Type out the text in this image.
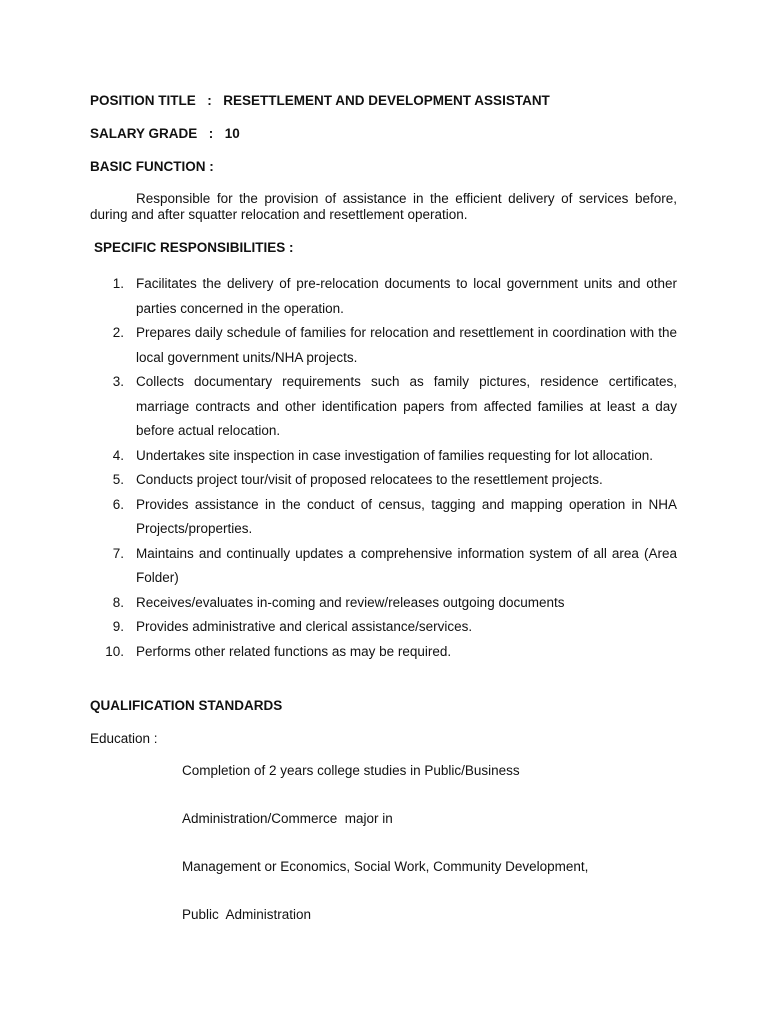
POSITION TITLE : RESETTLEMENT AND DEVELOPMENT ASSISTANT
SALARY GRADE : 10
BASIC FUNCTION :
Responsible for the provision of assistance in the efficient delivery of services before, during and after squatter relocation and resettlement operation.
SPECIFIC RESPONSIBILITIES :
1. Facilitates the delivery of pre-relocation documents to local government units and other parties concerned in the operation.
2. Prepares daily schedule of families for relocation and resettlement in coordination with the local government units/NHA projects.
3. Collects documentary requirements such as family pictures, residence certificates, marriage contracts and other identification papers from affected families at least a day before actual relocation.
4. Undertakes site inspection in case investigation of families requesting for lot allocation.
5. Conducts project tour/visit of proposed relocatees to the resettlement projects.
6. Provides assistance in the conduct of census, tagging and mapping operation in NHA Projects/properties.
7. Maintains and continually updates a comprehensive information system of all area (Area Folder)
8. Receives/evaluates in-coming and review/releases outgoing documents
9. Provides administrative and clerical assistance/services.
10. Performs other related functions as may be required.
QUALIFICATION STANDARDS
Education :

Completion of 2 years college studies in Public/Business

Administration/Commerce  major in

Management or Economics, Social Work, Community Development,

Public  Administration
